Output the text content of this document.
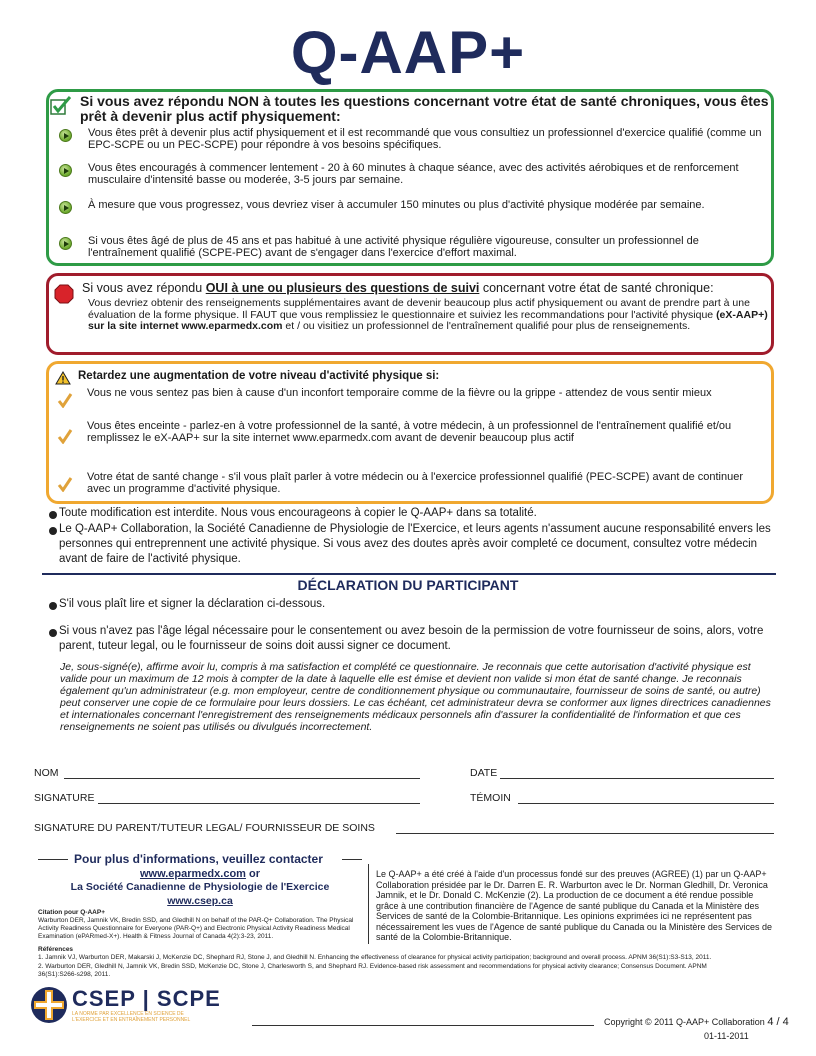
Q-AAP+
Si vous avez répondu NON à toutes les questions concernant votre état de santé chroniques, vous êtes prêt à devenir plus actif physiquement:
Vous êtes prêt à devenir plus actif physiquement et il est recommandé que vous consultiez un professionnel d'exercice qualifié (comme un EPC-SCPE ou un PEC-SCPE) pour répondre à vos besoins spécifiques.
Vous êtes encouragés à commencer lentement - 20 à 60 minutes à chaque séance, avec des activités aérobiques et de renforcement musculaire d'intensité basse ou moderée, 3-5 jours par semaine.
À mesure que vous progressez, vous devriez viser à accumuler 150 minutes ou plus d'activité physique modérée par semaine.
Si vous êtes âgé de plus de 45 ans et pas habitué à une activité physique régulière vigoureuse, consulter un professionnel de l'entraînement qualifié (SCPE-PEC) avant de s'engager dans l'exercice d'effort maximal.
Si vous avez répondu OUI à une ou plusieurs des questions de suivi concernant votre état de santé chronique:
Vous devriez obtenir des renseignements supplémentaires avant de devenir beaucoup plus actif physiquement ou avant de prendre part à une évaluation de la forme physique. Il FAUT que vous remplissiez le questionnaire et suiviez les recommandations pour l'activité physique (eX-AAP+) sur la site internet www.eparmedx.com et / ou visitiez un professionnel de l'entraînement qualifié pour plus de renseignements.
Retardez une augmentation de votre niveau d'activité physique si:
Vous ne vous sentez pas bien à cause d'un inconfort temporaire comme de la fièvre ou la grippe - attendez de vous sentir mieux
Vous êtes enceinte - parlez-en à votre professionnel de la santé, à votre médecin, à un professionnel de l'entraînement qualifié et/ou remplissez le eX-AAP+ sur la site internet www.eparmedx.com avant de devenir beaucoup plus actif
Votre état de santé change - s'il vous plaît parler à votre médecin ou à l'exercice professionnel qualifié (PEC-SCPE) avant de continuer avec un programme d'activité physique.
Toute modification est interdite. Nous vous encourageons à copier le Q-AAP+ dans sa totalité.
Le Q-AAP+ Collaboration, la Société Canadienne de Physiologie de l'Exercice, et leurs agents n'assument aucune responsabilité envers les personnes qui entreprennent une activité physique. Si vous avez des doutes après avoir completé ce document, consultez votre médecin avant de faire de l'activité physique.
DÉCLARATION DU PARTICIPANT
S'il vous plaît lire et signer la déclaration ci-dessous.
Si vous n'avez pas l'âge légal nécessaire pour le consentement ou avez besoin de la permission de votre fournisseur de soins, alors, votre parent, tuteur legal, ou le fournisseur de soins doit aussi signer ce document.
Je, sous-signé(e), affirme avoir lu, compris à ma satisfaction et complété ce questionnaire. Je reconnais que cette autorisation d'activité physique est valide pour un maximum de 12 mois à compter de la date à laquelle elle est émise et devient non valide si mon état de santé change. Je reconnais également qu'un administrateur (e.g. mon employeur, centre de conditionnement physique ou communautaire, fournisseur de soins de santé, ou autre) peut conserver une copie de ce formulaire pour leurs dossiers. Le cas échéant, cet administrateur devra se conformer aux lignes directrices canadiennes et internationales concernant l'enregistrement des renseignements médicaux personnels afin d'assurer la confidentialité de l'information et que ces renseignements ne soient pas utilisés ou divulgués incorrectement.
NOM	DATE
SIGNATURE	TÉMOIN
SIGNATURE DU PARENT/TUTEUR LEGAL/ FOURNISSEUR DE SOINS
Pour plus d'informations, veuillez contacter
www.eparmedx.com or
La Société Canadienne de Physiologie de l'Exercice
www.csep.ca
Citation pour Q-AAP+
Warburton DER, Jamnik VK, Bredin SSD, and Gledhill N on behalf of the PAR-Q+ Collaboration. The Physical Activity Readiness Questionnaire for Everyone (PAR-Q+) and Electronic Physical Activity Readiness Medical Examination (ePARmed-X+). Health & Fitness Journal of Canada 4(2):3-23, 2011.
Références
1. Jamnik VJ, Warburton DER, Makarski J, McKenzie DC, Shephard RJ, Stone J, and Gledhill N. Enhancing the effectiveness of clearance for physical activity participation; background and overall process. APNM 36(S1):S3-S13, 2011.
2. Warburton DER, Gledhill N, Jamnik VK, Bredin SSD, McKenzie DC, Stone J, Charlesworth S, and Shephard RJ. Evidence-based risk assessment and recommendations for physical activity clearance; Consensus Document. APNM 36(S1):S266-s298, 2011.
Le Q-AAP+ a été créé à l'aide d'un processus fondé sur des preuves (AGREE) (1) par un Q-AAP+ Collaboration présidée par le Dr. Darren E. R. Warburton avec le Dr. Norman Gledhill, Dr. Veronica Jamnik, et le Dr. Donald C. McKenzie (2). La production de ce document a été rendue possible grâce à une contribution financière de l'Agence de santé publique du Canada et la Ministère des Services de santé de la Colombie-Britannique. Les opinions exprimées ici ne représentent pas nécessairement les vues de l'Agence de santé publique du Canada ou la Ministère des Services de santé de la Colombie-Britannique.
CSEP | SCPE
LA NORME PAR EXCELLENCE EN SCIENCE DE
L'EXERCICE ET EN ENTRAÎNEMENT PERSONNEL	Copyright © 2011 Q-AAP+ Collaboration 4 / 4
01-11-2011
